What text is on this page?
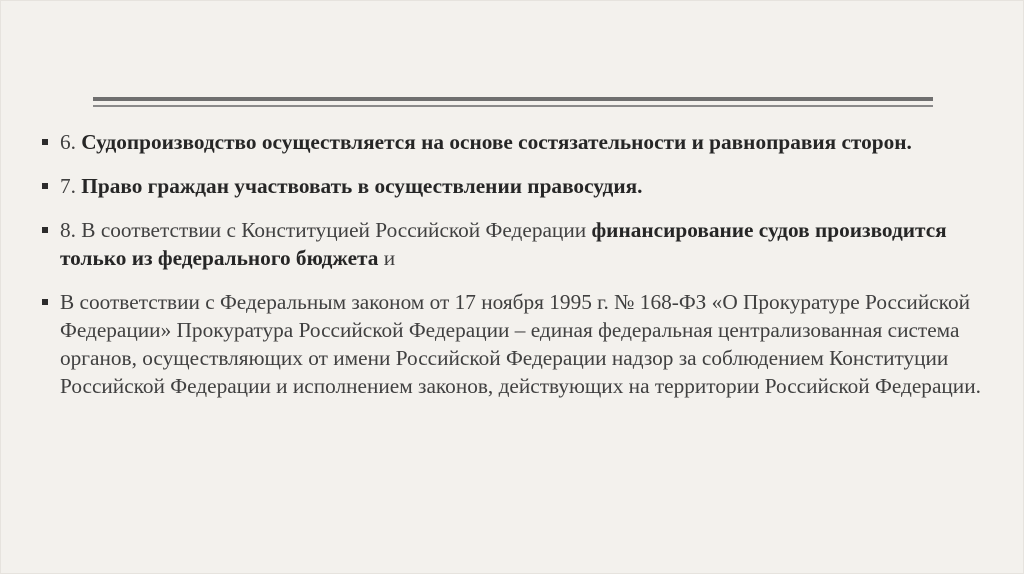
6. Судопроизводство осуществляется на основе состязательности и равноправия сторон.
7. Право граждан участвовать в осуществлении правосудия.
8. В соответствии с Конституцией Российской Федерации финансирование судов производится только из федерального бюджета и
В соответствии с Федеральным законом от 17 ноября 1995 г. № 168-ФЗ «О Прокуратуре Российской Федерации» Прокуратура Российской Федерации – единая федеральная централизованная система органов, осуществляющих от имени Российской Федерации надзор за соблюдением Конституции Российской Федерации и исполнением законов, действующих на территории Российской Федерации.
